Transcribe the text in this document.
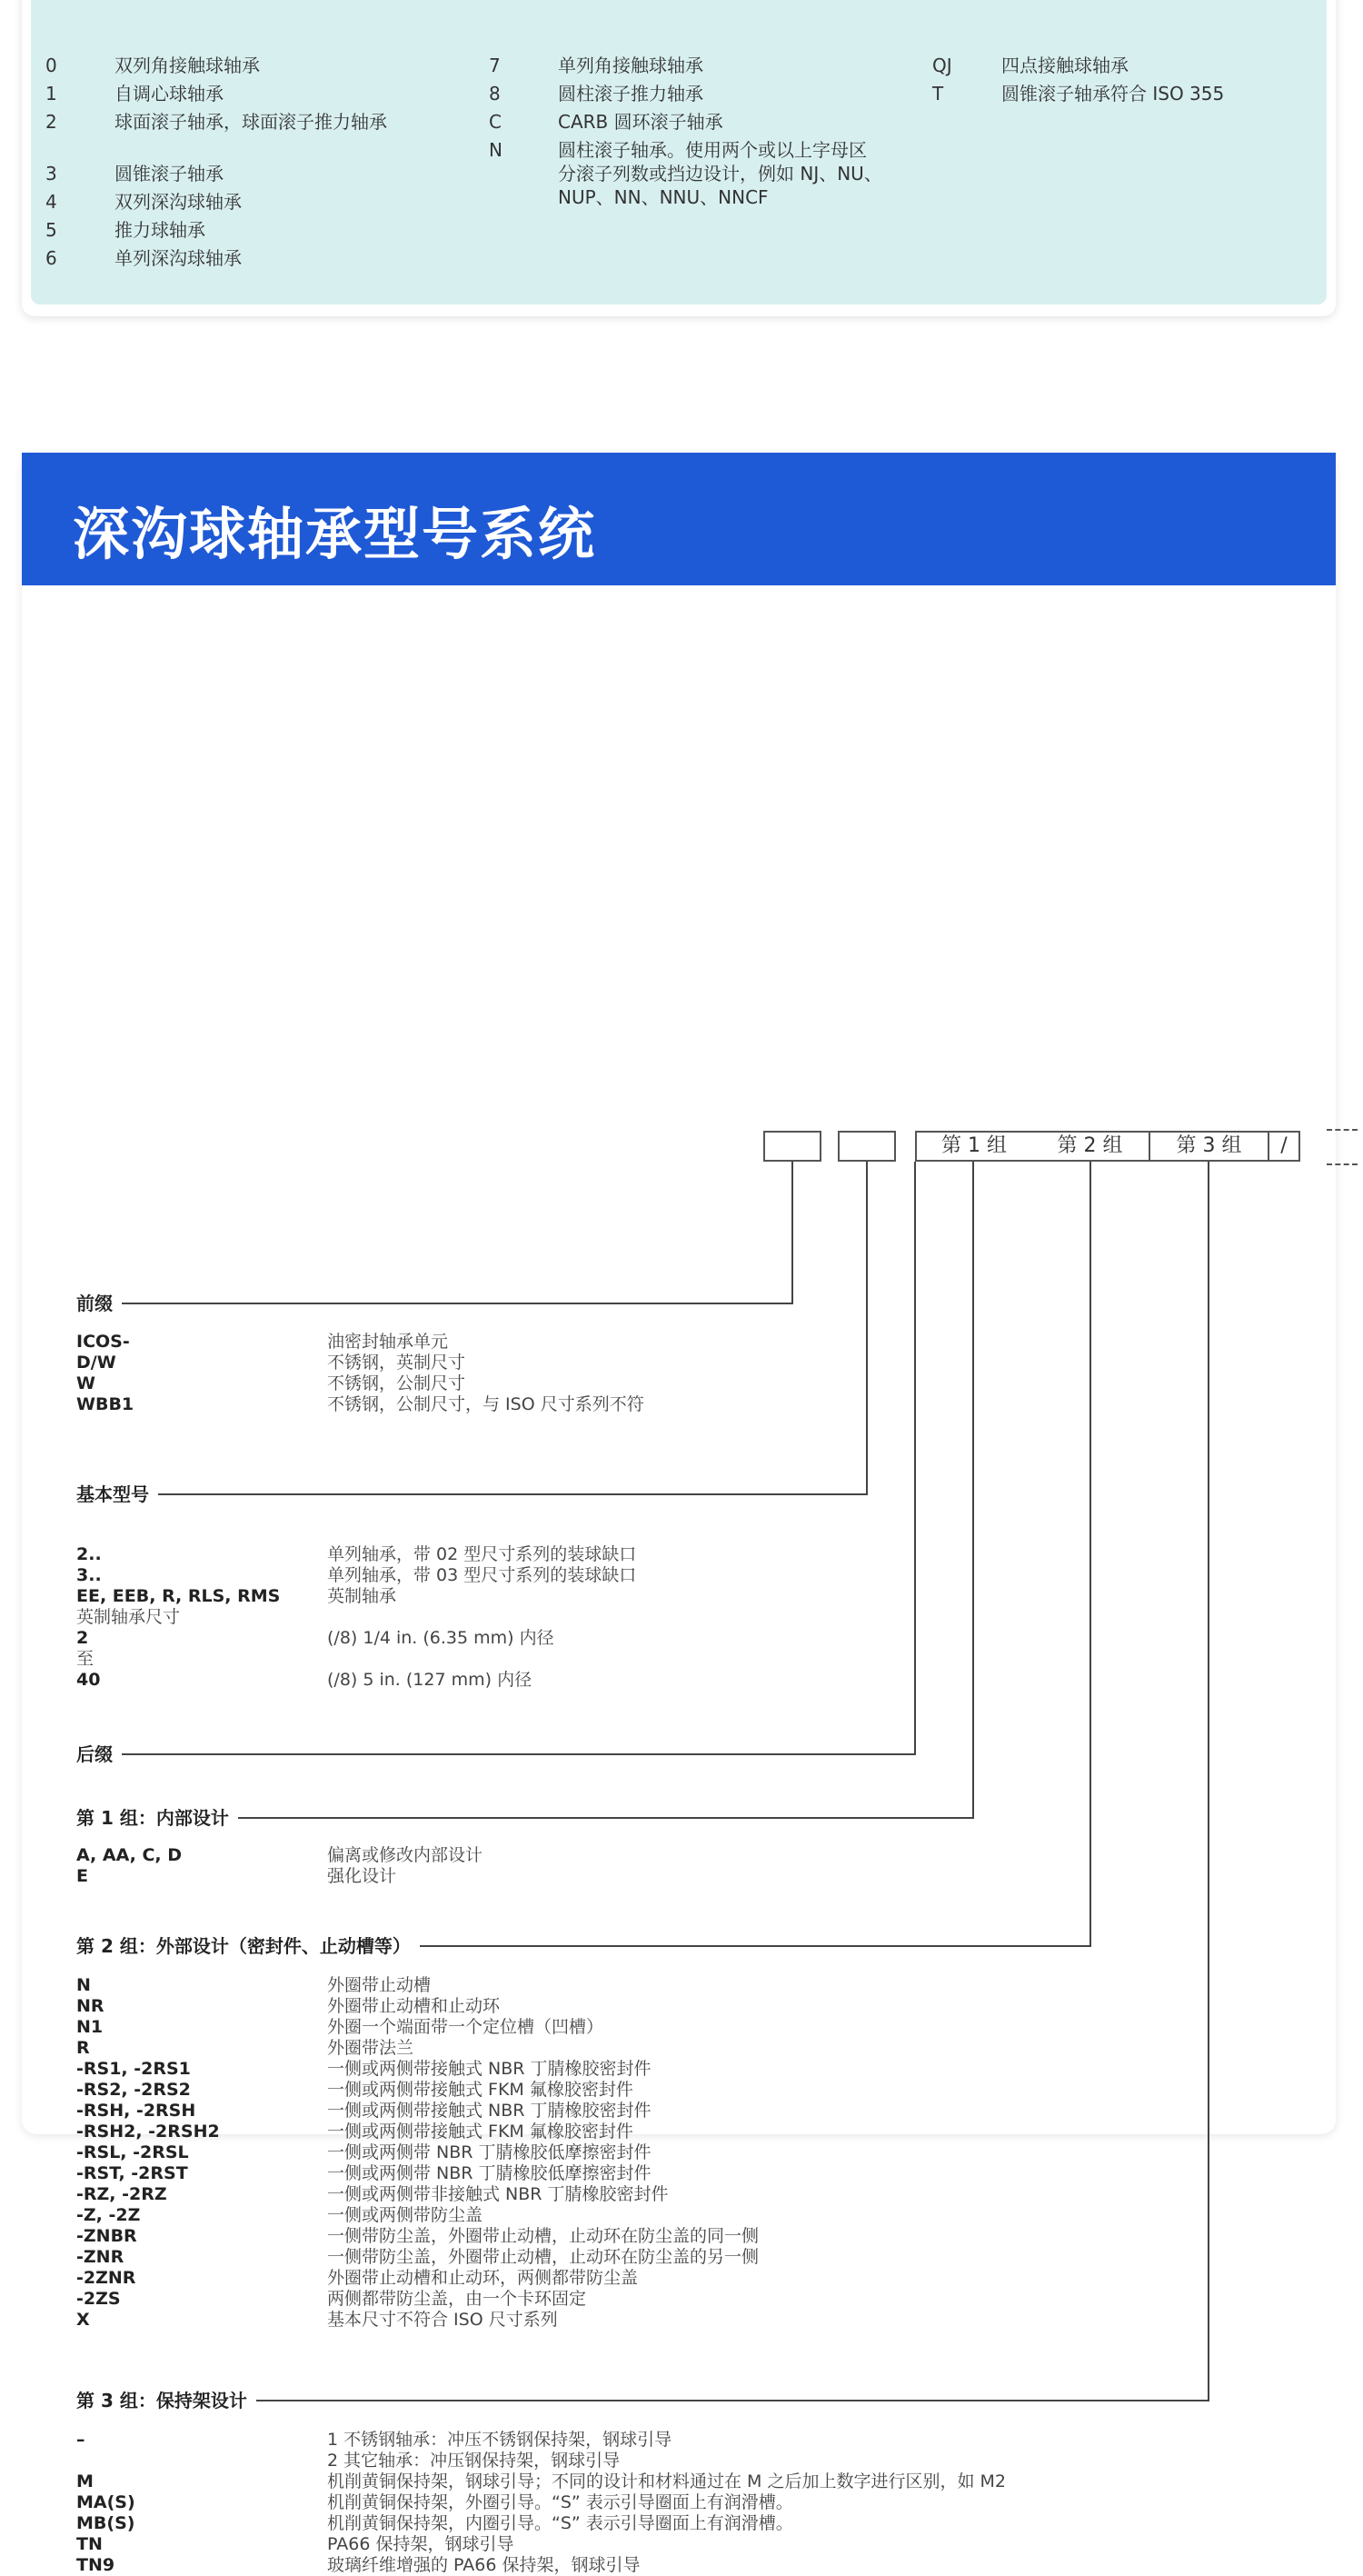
0	双列角接触球轴承
1	自调心球轴承
2	球面滚子轴承，球面滚子推力轴承
3	圆锥滚子轴承
4	双列深沟球轴承
5	推力球轴承
6	单列深沟球轴承
7	单列角接触球轴承
8	圆柱滚子推力轴承
C	CARB 圆环滚子轴承
N	圆柱滚子轴承。使用两个或以上字母区
分滚子列数或挡边设计，例如 NJ、NU、
NUP、NN、NNU、NNCF
QJ	四点接触球轴承
T	圆锥滚子轴承符合 ISO 355
深沟球轴承型号系统
第 1 组	第 2 组	第 3 组	/
前缀
ICOS-	油密封轴承单元
D/W	不锈钢，英制尺寸
W	不锈钢，公制尺寸
WBB1	不锈钢，公制尺寸，与 ISO 尺寸系列不符
基本型号
2..	单列轴承，带 02 型尺寸系列的装球缺口
3..	单列轴承，带 03 型尺寸系列的装球缺口
EE, EEB, R, RLS, RMS	英制轴承
英制轴承尺寸
2	(/8) 1/4 in. (6.35 mm) 内径
至
40	(/8) 5 in. (127 mm) 内径
后缀
第 1 组：内部设计
A, AA, C, D	偏离或修改内部设计
E	强化设计
第 2 组：外部设计（密封件、止动槽等）
N	外圈带止动槽
NR	外圈带止动槽和止动环
N1	外圈一个端面带一个定位槽（凹槽）
R	外圈带法兰
-RS1, -2RS1	一侧或两侧带接触式 NBR 丁腈橡胶密封件
-RS2, -2RS2	一侧或两侧带接触式 FKM 氟橡胶密封件
-RSH, -2RSH	一侧或两侧带接触式 NBR 丁腈橡胶密封件
-RSH2, -2RSH2	一侧或两侧带接触式 FKM 氟橡胶密封件
-RSL, -2RSL	一侧或两侧带 NBR 丁腈橡胶低摩擦密封件
-RST, -2RST	一侧或两侧带 NBR 丁腈橡胶低摩擦密封件
-RZ, -2RZ	一侧或两侧带非接触式 NBR 丁腈橡胶密封件
-Z, -2Z	一侧或两侧带防尘盖
-ZNBR	一侧带防尘盖，外圈带止动槽，止动环在防尘盖的同一侧
-ZNR	一侧带防尘盖，外圈带止动槽，止动环在防尘盖的另一侧
-2ZNR	外圈带止动槽和止动环，两侧都带防尘盖
-2ZS	两侧都带防尘盖，由一个卡环固定
X	基本尺寸不符合 ISO 尺寸系列
第 3 组：保持架设计
–	1 不锈钢轴承：冲压不锈钢保持架，钢球引导
2 其它轴承：冲压钢保持架，钢球引导
M	机削黄铜保持架，钢球引导；不同的设计和材料通过在 M 之后加上数字进行区别，如 M2
MA(S)	机削黄铜保持架，外圈引导。“S” 表示引导圈面上有润滑槽。
MB(S)	机削黄铜保持架，内圈引导。“S” 表示引导圈面上有润滑槽。
TN	PA66 保持架，钢球引导
TN9	玻璃纤维增强的 PA66 保持架，钢球引导
